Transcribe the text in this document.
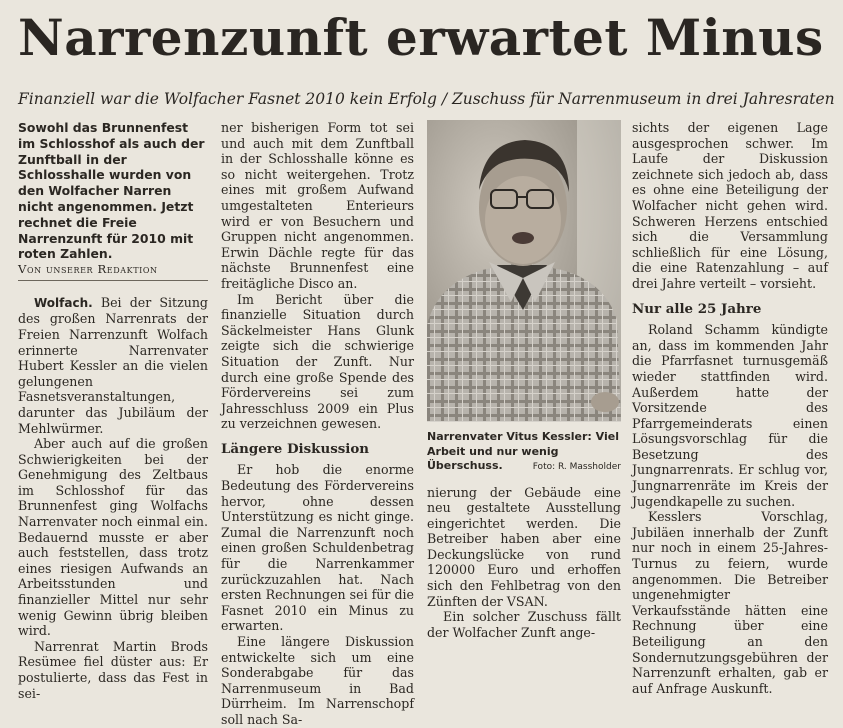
Narrenzunft erwartet Minus
Finanziell war die Wolfacher Fasnet 2010 kein Erfolg / Zuschuss für Narrenmuseum in drei Jahresraten

Sowohl das Brunnenfest im Schlosshof als auch der Zunftball in der Schlosshalle wurden von den Wolfacher Narren nicht angenommen. Jetzt rechnet die Freie Narrenzunft für 2010 mit roten Zahlen.

Von unserer Redaktion

Wolfach. Bei der Sitzung des großen Narrenrats der Freien Narrenzunft Wolfach erinnerte Narrenvater Hubert Kessler an die vielen gelungenen Fasnetsveranstaltungen, darunter das Jubiläum der Mehlwürmer.

Aber auch auf die großen Schwierigkeiten bei der Genehmigung des Zeltbaus im Schlosshof für das Brunnenfest ging Wolfachs Narrenvater noch einmal ein. Bedauernd musste er aber auch feststellen, dass trotz eines riesigen Aufwands an Arbeitsstunden und finanzieller Mittel nur sehr wenig Gewinn übrig bleiben wird.

Narrenrat Martin Brods Resümee fiel düster aus: Er postulierte, dass das Fest in sei-

ner bisherigen Form tot sei und auch mit dem Zunftball in der Schlosshalle könne es so nicht weitergehen. Trotz eines mit großem Aufwand umgestalteten Enterieurs wird er von Besuchern und Gruppen nicht angenommen. Erwin Dächle regte für das nächste Brunnenfest eine freitägliche Disco an.

Im Bericht über die finanzielle Situation durch Säckelmeister Hans Glunk zeigte sich die schwierige Situation der Zunft. Nur durch eine große Spende des Fördervereins sei zum Jahresschluss 2009 ein Plus zu verzeichnen gewesen.

Längere Diskussion

Er hob die enorme Bedeutung des Fördervereins hervor, ohne dessen Unterstützung es nicht ginge. Zumal die Narrenzunft noch einen großen Schuldenbetrag für die Narrenkammer zurückzuzahlen hat. Nach ersten Rechnungen sei für die Fasnet 2010 ein Minus zu erwarten.

Eine längere Diskussion entwickelte sich um eine Sonderabgabe für das Narrenmuseum in Bad Dürrheim. Im Narrenschopf soll nach Sa-

Narrenvater Vitus Kessler: Viel Arbeit und nur wenig Überschuss.	Foto: R. Massholder

nierung der Gebäude eine neu gestaltete Ausstellung eingerichtet werden. Die Betreiber haben aber eine Deckungslücke von rund 120000 Euro und erhoffen sich den Fehlbetrag von den Zünften der VSAN.

Ein solcher Zuschuss fällt der Wolfacher Zunft ange-

sichts der eigenen Lage ausgesprochen schwer. Im Laufe der Diskussion zeichnete sich jedoch ab, dass es ohne eine Beteiligung der Wolfacher nicht gehen wird. Schweren Herzens entschied sich die Versammlung schließlich für eine Lösung, die eine Ratenzahlung – auf drei Jahre verteilt – vorsieht.

Nur alle 25 Jahre

Roland Schamm kündigte an, dass im kommenden Jahr die Pfarrfasnet turnusgemäß wieder stattfinden wird. Außerdem hatte der Vorsitzende des Pfarrgemeinderats einen Lösungsvorschlag für die Besetzung des Jungnarrenrats. Er schlug vor, Jungnarrenräte im Kreis der Jugendkapelle zu suchen.

Kesslers Vorschlag, Jubiläen innerhalb der Zunft nur noch in einem 25-Jahres-Turnus zu feiern, wurde angenommen. Die Betreiber ungenehmigter Verkaufsstände hätten eine Rechnung über eine Beteiligung an den Sondernutzungsgebühren der Narrenzunft erhalten, gab er auf Anfrage Auskunft.
